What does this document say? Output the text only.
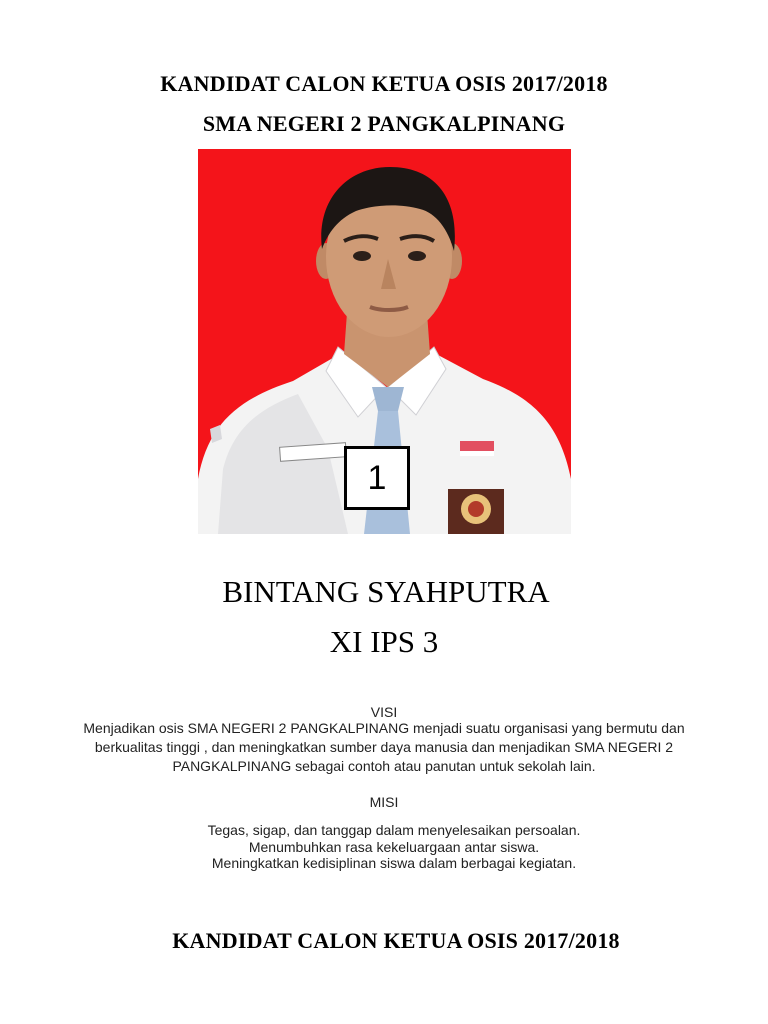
KANDIDAT CALON KETUA OSIS 2017/2018
SMA NEGERI 2 PANGKALPINANG
1

BINTANG SYAHPUTRA

XI IPS 3

VISI

Menjadikan osis SMA NEGERI 2 PANGKALPINANG menjadi suatu organisasi yang bermutu dan berkualitas tinggi , dan meningkatkan sumber daya manusia dan menjadikan SMA NEGERI 2 PANGKALPINANG sebagai contoh atau panutan untuk sekolah lain.

MISI

Tegas, sigap, dan tanggap dalam menyelesaikan persoalan.
Menumbuhkan rasa kekeluargaan antar siswa.
Meningkatkan kedisiplinan siswa dalam berbagai kegiatan.
KANDIDAT CALON KETUA OSIS 2017/2018
